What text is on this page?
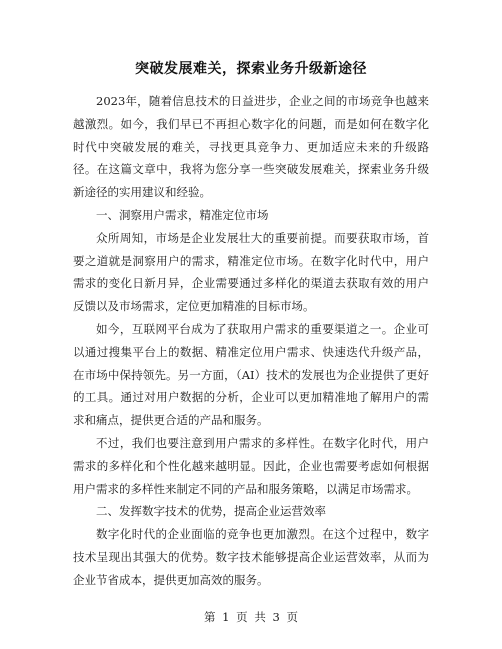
突破发展难关，探索业务升级新途径

2023年，随着信息技术的日益进步，企业之间的市场竞争也越来越激烈。如今，我们早已不再担心数字化的问题，而是如何在数字化时代中突破发展的难关，寻找更具竞争力、更加适应未来的升级路径。在这篇文章中，我将为您分享一些突破发展难关，探索业务升级新途径的实用建议和经验。

一、洞察用户需求，精准定位市场

众所周知，市场是企业发展壮大的重要前提。而要获取市场，首要之道就是洞察用户的需求，精准定位市场。在数字化时代中，用户需求的变化日新月异，企业需要通过多样化的渠道去获取有效的用户反馈以及市场需求，定位更加精准的目标市场。

如今，互联网平台成为了获取用户需求的重要渠道之一。企业可以通过搜集平台上的数据、精准定位用户需求、快速迭代升级产品，在市场中保持领先。另一方面，（AI）技术的发展也为企业提供了更好的工具。通过对用户数据的分析，企业可以更加精准地了解用户的需求和痛点，提供更合适的产品和服务。

不过，我们也要注意到用户需求的多样性。在数字化时代，用户需求的多样化和个性化越来越明显。因此，企业也需要考虑如何根据用户需求的多样性来制定不同的产品和服务策略，以满足市场需求。

二、发挥数字技术的优势，提高企业运营效率

数字化时代的企业面临的竞争也更加激烈。在这个过程中，数字技术呈现出其强大的优势。数字技术能够提高企业运营效率，从而为企业节省成本，提供更加高效的服务。

第 1 页 共 3 页
